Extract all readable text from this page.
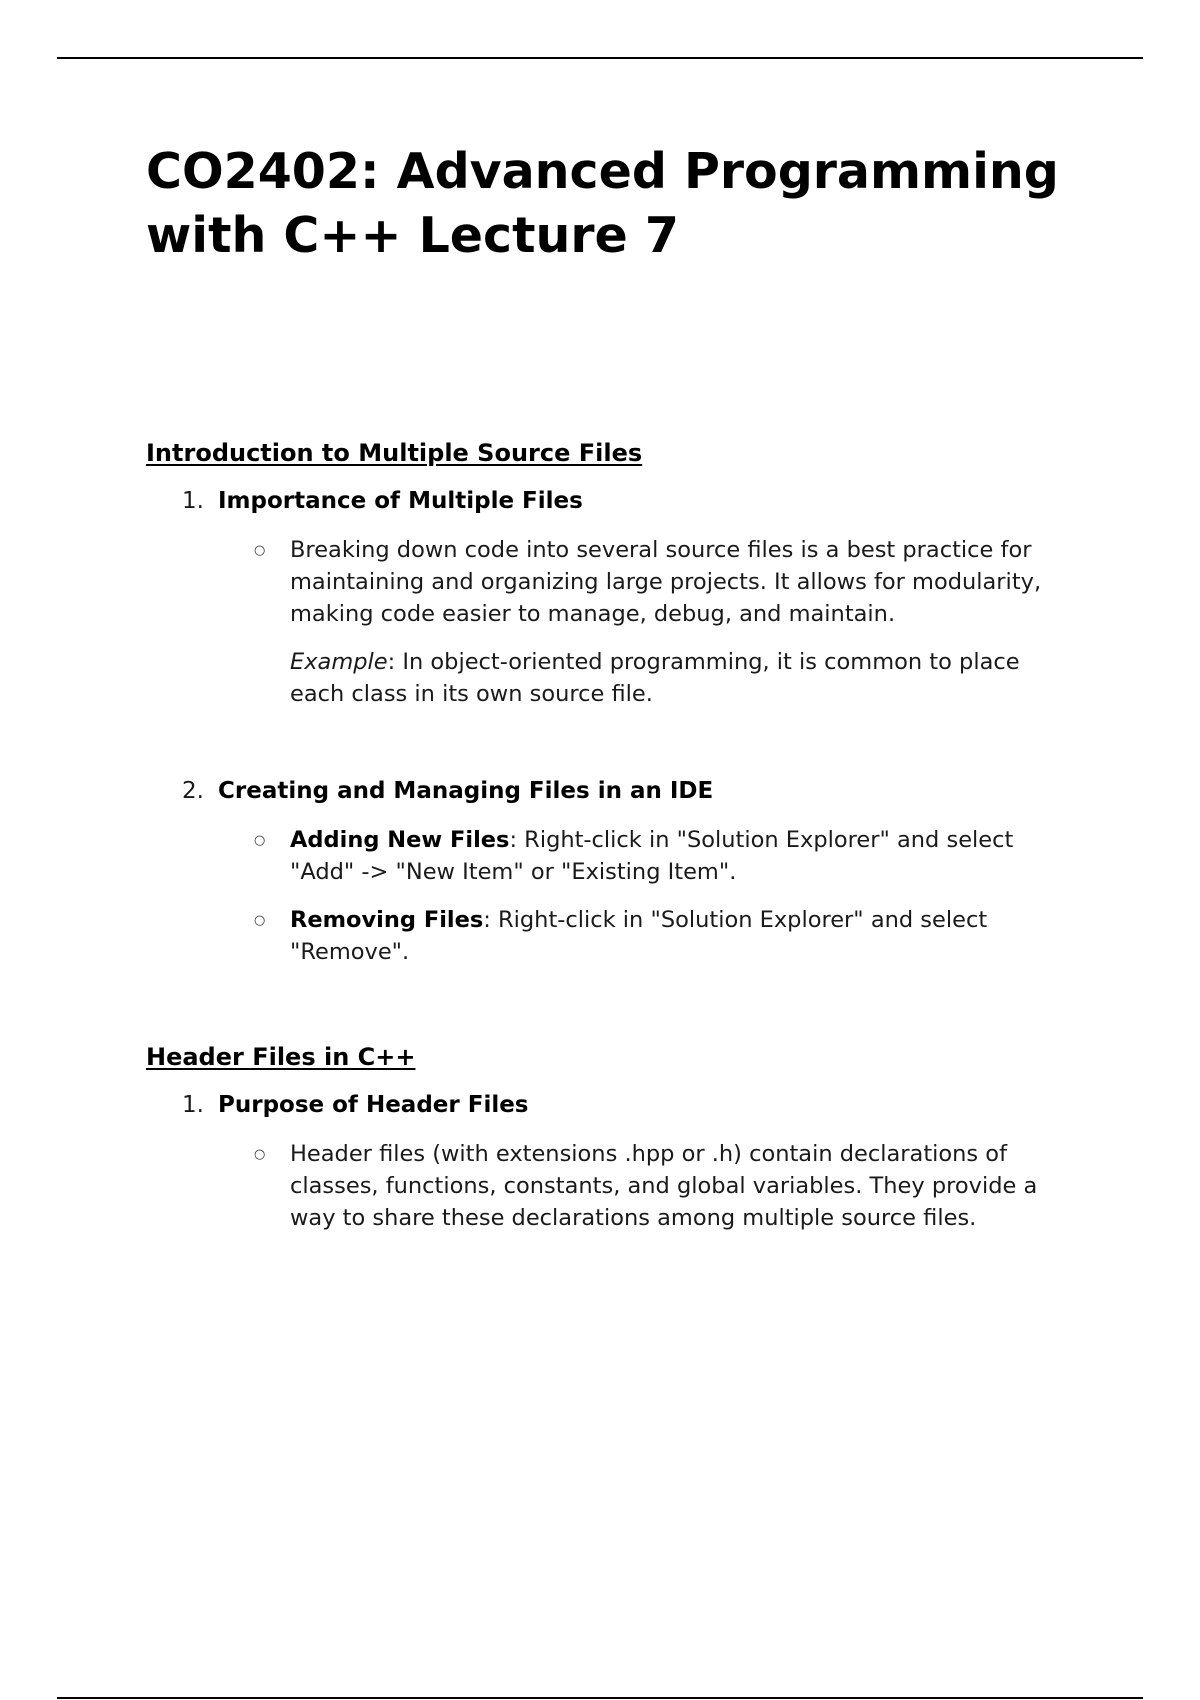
CO2402: Advanced Programming with C++ Lecture 7
Introduction to Multiple Source Files
1. Importance of Multiple Files
○ Breaking down code into several source files is a best practice for maintaining and organizing large projects. It allows for modularity, making code easier to manage, debug, and maintain.
Example: In object-oriented programming, it is common to place each class in its own source file.
2. Creating and Managing Files in an IDE
○ Adding New Files: Right-click in "Solution Explorer" and select "Add" -> "New Item" or "Existing Item".
○ Removing Files: Right-click in "Solution Explorer" and select "Remove".
Header Files in C++
1. Purpose of Header Files
○ Header files (with extensions .hpp or .h) contain declarations of classes, functions, constants, and global variables. They provide a way to share these declarations among multiple source files.
